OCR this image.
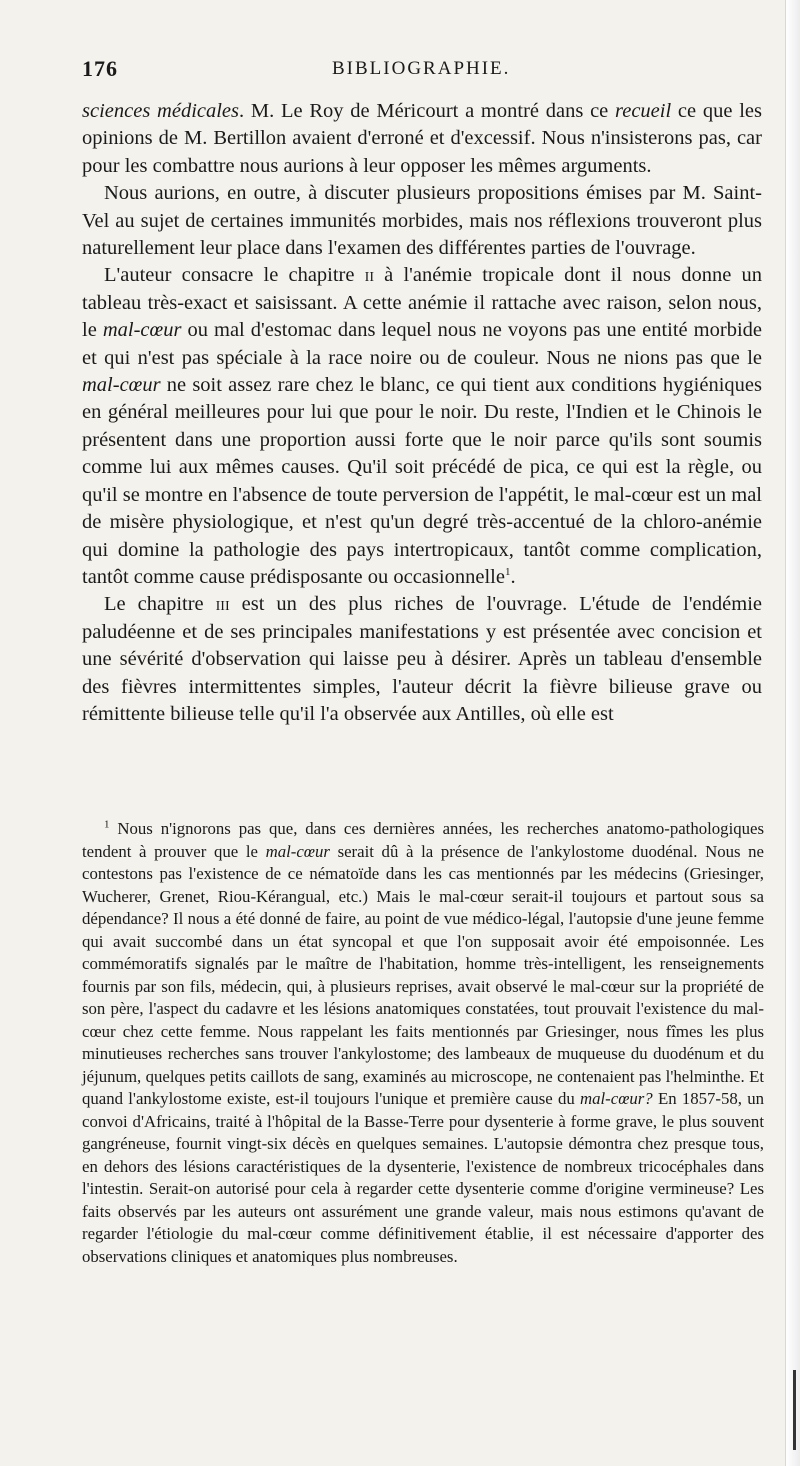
176	BIBLIOGRAPHIE.

sciences médicales. M. Le Roy de Méricourt a montré dans ce recueil ce que les opinions de M. Bertillon avaient d'erroné et d'excessif. Nous n'insisterons pas, car pour les combattre nous aurions à leur opposer les mêmes arguments.

Nous aurions, en outre, à discuter plusieurs propositions émises par M. Saint-Vel au sujet de certaines immunités morbides, mais nos réflexions trouveront plus naturellement leur place dans l'examen des différentes parties de l'ouvrage.

L'auteur consacre le chapitre ii à l'anémie tropicale dont il nous donne un tableau très-exact et saisissant. A cette anémie il rattache avec raison, selon nous, le mal-cœur ou mal d'estomac dans lequel nous ne voyons pas une entité morbide et qui n'est pas spéciale à la race noire ou de couleur. Nous ne nions pas que le mal-cœur ne soit assez rare chez le blanc, ce qui tient aux conditions hygiéniques en général meilleures pour lui que pour le noir. Du reste, l'Indien et le Chinois le présentent dans une proportion aussi forte que le noir parce qu'ils sont soumis comme lui aux mêmes causes. Qu'il soit précédé de pica, ce qui est la règle, ou qu'il se montre en l'absence de toute perversion de l'appétit, le mal-cœur est un mal de misère physiologique, et n'est qu'un degré très-accentué de la chloro-anémie qui domine la pathologie des pays intertropicaux, tantôt comme complication, tantôt comme cause prédisposante ou occasionnelle$^1$.

Le chapitre iii est un des plus riches de l'ouvrage. L'étude de l'endémie paludéenne et de ses principales manifestations y est présentée avec concision et une sévérité d'observation qui laisse peu à désirer. Après un tableau d'ensemble des fièvres intermittentes simples, l'auteur décrit la fièvre bilieuse grave ou rémittente bilieuse telle qu'il l'a observée aux Antilles, où elle est

$^1$ Nous n'ignorons pas que, dans ces dernières années, les recherches anatomo-pathologiques tendent à prouver que le mal-cœur serait dû à la présence de l'ankylostome duodénal. Nous ne contestons pas l'existence de ce nématoïde dans les cas mentionnés par les médecins (Griesinger, Wucherer, Grenet, Riou-Kérangual, etc.) Mais le mal-cœur serait-il toujours et partout sous sa dépendance? Il nous a été donné de faire, au point de vue médico-légal, l'autopsie d'une jeune femme qui avait succombé dans un état syncopal et que l'on supposait avoir été empoisonnée. Les commémoratifs signalés par le maître de l'habitation, homme très-intelligent, les renseignements fournis par son fils, médecin, qui, à plusieurs reprises, avait observé le mal-cœur sur la propriété de son père, l'aspect du cadavre et les lésions anatomiques constatées, tout prouvait l'existence du mal-cœur chez cette femme. Nous rappelant les faits mentionnés par Griesinger, nous fîmes les plus minutieuses recherches sans trouver l'ankylostome; des lambeaux de muqueuse du duodénum et du jéjunum, quelques petits caillots de sang, examinés au microscope, ne contenaient pas l'helminthe. Et quand l'ankylostome existe, est-il toujours l'unique et première cause du mal-cœur? En 1857-58, un convoi d'Africains, traité à l'hôpital de la Basse-Terre pour dysenterie à forme grave, le plus souvent gangréneuse, fournit vingt-six décès en quelques semaines. L'autopsie démontra chez presque tous, en dehors des lésions caractéristiques de la dysenterie, l'existence de nombreux tricocéphales dans l'intestin. Serait-on autorisé pour cela à regarder cette dysenterie comme d'origine vermineuse? Les faits observés par les auteurs ont assurément une grande valeur, mais nous estimons qu'avant de regarder l'étiologie du mal-cœur comme définitivement établie, il est nécessaire d'apporter des observations cliniques et anatomiques plus nombreuses.
